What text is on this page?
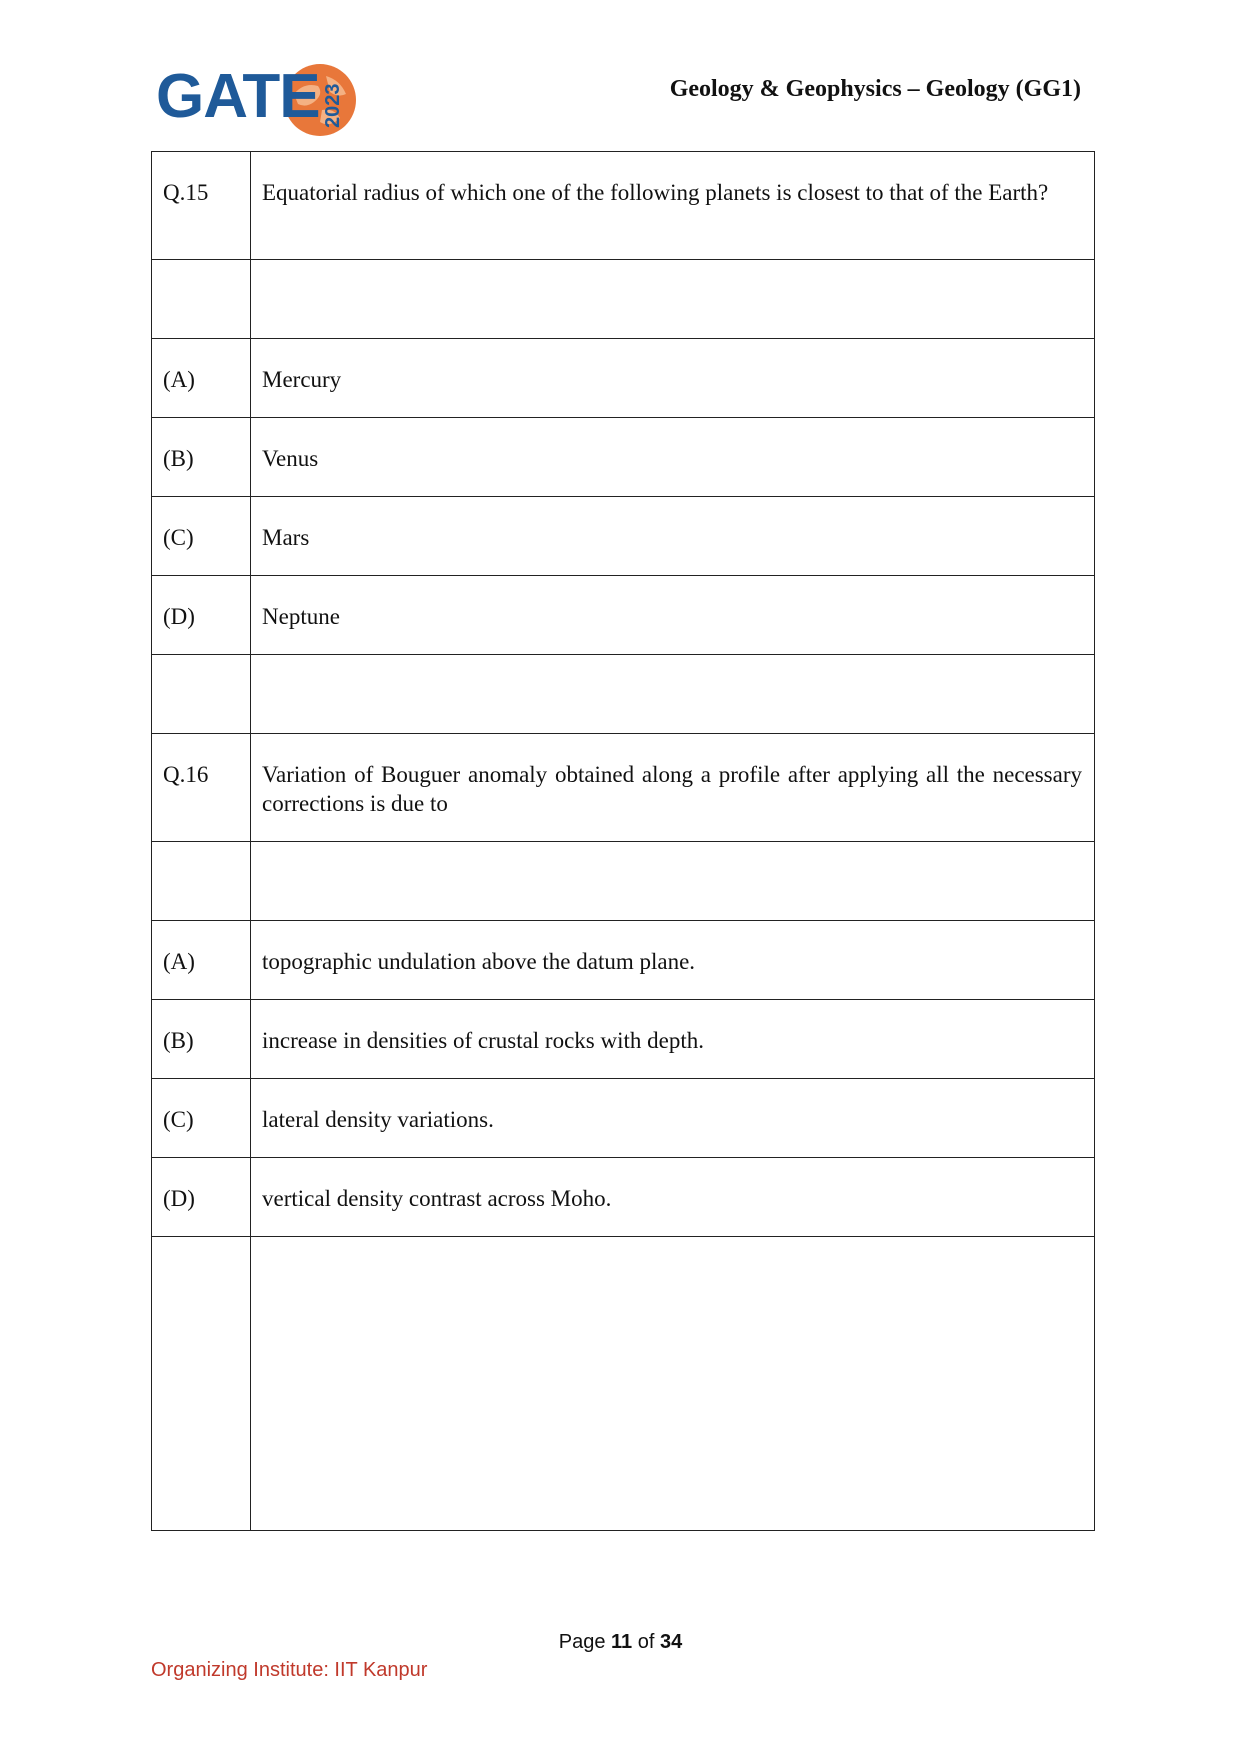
GATE 2023	Geology & Geophysics – Geology (GG1)
Q.15	Equatorial radius of which one of the following planets is closest to that of the Earth?

(A)	Mercury

(B)	Venus

(C)	Mars

(D)	Neptune

Q.16	Variation of Bouguer anomaly obtained along a profile after applying all the necessary corrections is due to

(A)	topographic undulation above the datum plane.

(B)	increase in densities of crustal rocks with depth.

(C)	lateral density variations.

(D)	vertical density contrast across Moho.

Page 11 of 34
Organizing Institute: IIT Kanpur
